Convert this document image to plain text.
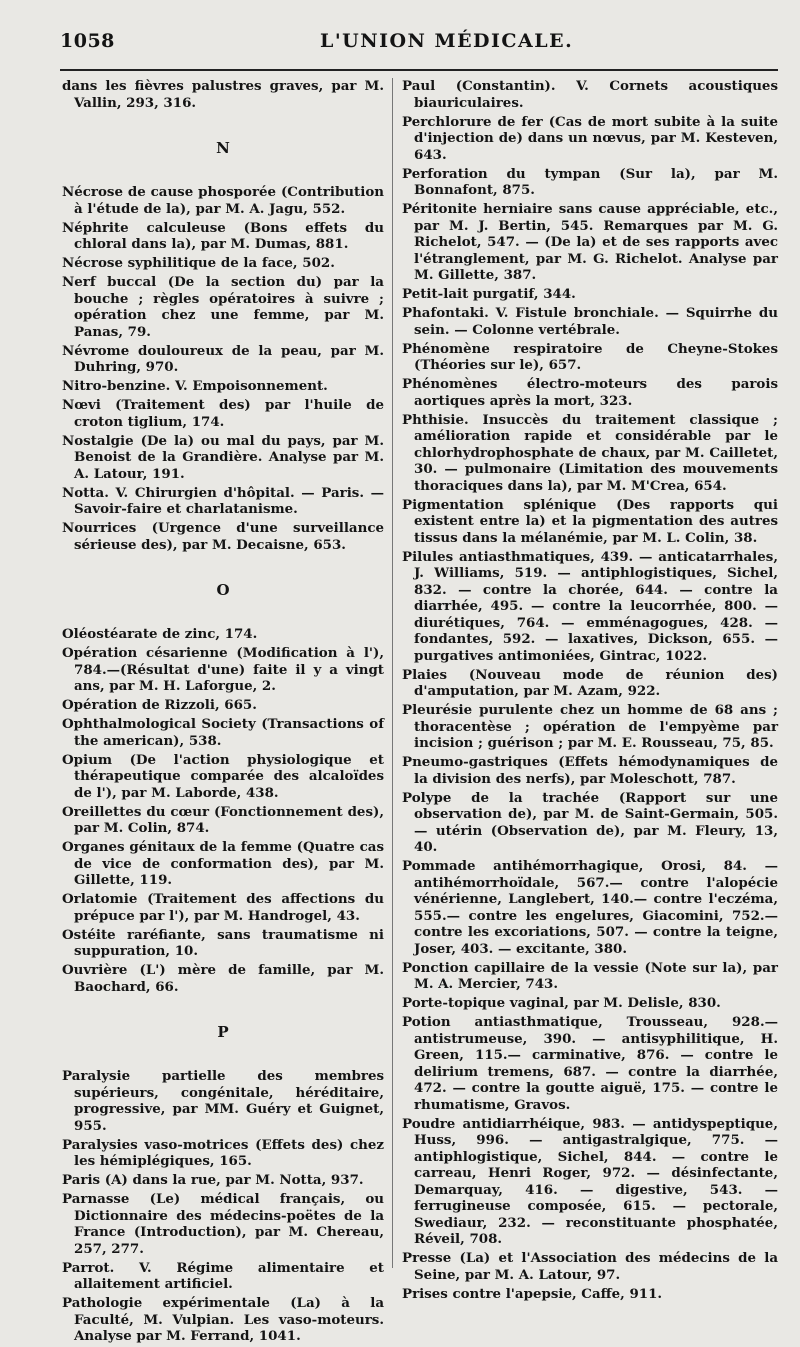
1058	L'UNION MÉDICALE.

dans les fièvres palustres graves, par M. Vallin, 293, 316.

N

Nécrose de cause phosporée (Contribution à l'étude de la), par M. A. Jagu, 552.

Néphrite calculeuse (Bons effets du chloral dans la), par M. Dumas, 881.

Nécrose syphilitique de la face, 502.

Nerf buccal (De la section du) par la bouche ; règles opératoires à suivre ; opération chez une femme, par M. Panas, 79.

Névrome douloureux de la peau, par M. Duhring, 970.

Nitro-benzine. V. Empoisonnement.

Nœvi (Traitement des) par l'huile de croton tiglium, 174.

Nostalgie (De la) ou mal du pays, par M. Benoist de la Grandière. Analyse par M. A. Latour, 191.

Notta. V. Chirurgien d'hôpital. — Paris. — Savoir-faire et charlatanisme.

Nourrices (Urgence d'une surveillance sérieuse des), par M. Decaisne, 653.

O

Oléostéarate de zinc, 174.

Opération césarienne (Modification à l'), 784.—(Résultat d'une) faite il y a vingt ans, par M. H. Laforgue, 2.

Opération de Rizzoli, 665.

Ophthalmological Society (Transactions of the american), 538.

Opium (De l'action physiologique et thérapeutique comparée des alcaloïdes de l'), par M. Laborde, 438.

Oreillettes du cœur (Fonctionnement des), par M. Colin, 874.

Organes génitaux de la femme (Quatre cas de vice de conformation des), par M. Gillette, 119.

Orlatomie (Traitement des affections du prépuce par l'), par M. Handrogel, 43.

Ostéite raréfiante, sans traumatisme ni suppuration, 10.

Ouvrière (L') mère de famille, par M. Baochard, 66.

P

Paralysie partielle des membres supérieurs, congénitale, héréditaire, progressive, par MM. Guéry et Guignet, 955.

Paralysies vaso-motrices (Effets des) chez les hémiplégiques, 165.

Paris (A) dans la rue, par M. Notta, 937.

Parnasse (Le) médical français, ou Dictionnaire des médecins-poëtes de la France (Introduction), par M. Chereau, 257, 277.

Parrot. V. Régime alimentaire et allaitement artificiel.

Pathologie expérimentale (La) à la Faculté, M. Vulpian. Les vaso-moteurs. Analyse par M. Ferrand, 1041.

Paul (Constantin). V. Cornets acoustiques biauriculaires.

Perchlorure de fer (Cas de mort subite à la suite d'injection de) dans un nœvus, par M. Kesteven, 643.

Perforation du tympan (Sur la), par M. Bonnafont, 875.

Péritonite herniaire sans cause appréciable, etc., par M. J. Bertin, 545. Remarques par M. G. Richelot, 547. — (De la) et de ses rapports avec l'étranglement, par M. G. Richelot. Analyse par M. Gillette, 387.

Petit-lait purgatif, 344.

Phafontaki. V. Fistule bronchiale. — Squirrhe du sein. — Colonne vertébrale.

Phénomène respiratoire de Cheyne-Stokes (Théories sur le), 657.

Phénomènes électro-moteurs des parois aortiques après la mort, 323.

Phthisie. Insuccès du traitement classique ; amélioration rapide et considérable par le chlorhydrophosphate de chaux, par M. Cailletet, 30. — pulmonaire (Limitation des mouvements thoraciques dans la), par M. M'Crea, 654.

Pigmentation splénique (Des rapports qui existent entre la) et la pigmentation des autres tissus dans la mélanémie, par M. L. Colin, 38.

Pilules antiasthmatiques, 439. — anticatarrhales, J. Williams, 519. — antiphlogistiques, Sichel, 832. — contre la chorée, 644. — contre la diarrhée, 495. — contre la leucorrhée, 800. — diurétiques, 764. — emménagogues, 428. — fondantes, 592. — laxatives, Dickson, 655. — purgatives antimoniées, Gintrac, 1022.

Plaies (Nouveau mode de réunion des) d'amputation, par M. Azam, 922.

Pleurésie purulente chez un homme de 68 ans ; thoracentèse ; opération de l'empyème par incision ; guérison ; par M. E. Rousseau, 75, 85.

Pneumo-gastriques (Effets hémodynamiques de la division des nerfs), par Moleschott, 787.

Polype de la trachée (Rapport sur une observation de), par M. de Saint-Germain, 505. — utérin (Observation de), par M. Fleury, 13, 40.

Pommade antihémorrhagique, Orosi, 84. — antihémorrhoïdale, 567.— contre l'alopécie vénérienne, Langlebert, 140.— contre l'eczéma, 555.— contre les engelures, Giacomini, 752.— contre les excoriations, 507. — contre la teigne, Joser, 403. — excitante, 380.

Ponction capillaire de la vessie (Note sur la), par M. A. Mercier, 743.

Porte-topique vaginal, par M. Delisle, 830.

Potion antiasthmatique, Trousseau, 928.— antistrumeuse, 390. — antisyphilitique, H. Green, 115.— carminative, 876. — contre le delirium tremens, 687. — contre la diarrhée, 472. — contre la goutte aiguë, 175. — contre le rhumatisme, Gravos.

Poudre antidiarrhéique, 983. — antidyspeptique, Huss, 996. — antigastralgique, 775. — antiphlogistique, Sichel, 844. — contre le carreau, Henri Roger, 972. — désinfectante, Demarquay, 416. — digestive, 543. — ferrugineuse composée, 615. — pectorale, Swediaur, 232. — reconstituante phosphatée, Réveil, 708.

Presse (La) et l'Association des médecins de la Seine, par M. A. Latour, 97.

Prises contre l'apepsie, Caffe, 911.
